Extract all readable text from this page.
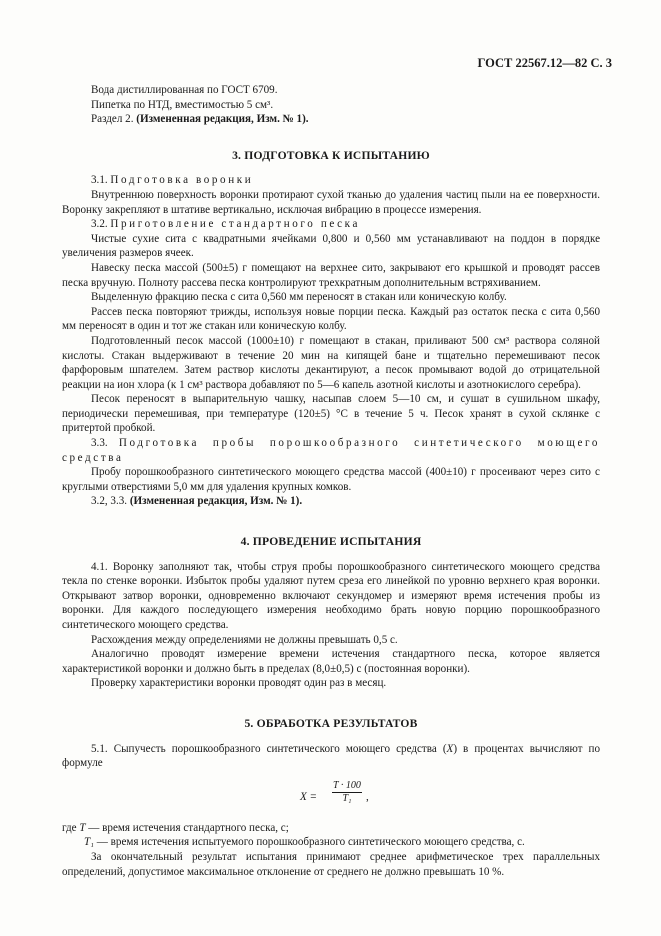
ГОСТ 22567.12—82 С. 3

Вода дистиллированная по ГОСТ 6709.

Пипетка по НТД, вместимостью 5 см³.

Раздел 2. (Измененная редакция, Изм. № 1).

3. ПОДГОТОВКА К ИСПЫТАНИЮ

3.1. Подготовка воронки

Внутреннюю поверхность воронки протирают сухой тканью до удаления частиц пыли на ее поверхности. Воронку закрепляют в штативе вертикально, исключая вибрацию в процессе измерения.

3.2. Приготовление стандартного песка

Чистые сухие сита с квадратными ячейками 0,800 и 0,560 мм устанавливают на поддон в порядке увеличения размеров ячеек.

Навеску песка массой (500±5) г помещают на верхнее сито, закрывают его крышкой и проводят рассев песка вручную. Полноту рассева песка контролируют трехкратным дополнительным встряхиванием.

Выделенную фракцию песка с сита 0,560 мм переносят в стакан или коническую колбу.

Рассев песка повторяют трижды, используя новые порции песка. Каждый раз остаток песка с сита 0,560 мм переносят в один и тот же стакан или коническую колбу.

Подготовленный песок массой (1000±10) г помещают в стакан, приливают 500 см³ раствора соляной кислоты. Стакан выдерживают в течение 20 мин на кипящей бане и тщательно перемешивают песок фарфоровым шпателем. Затем раствор кислоты декантируют, а песок промывают водой до отрицательной реакции на ион хлора (к 1 см³ раствора добавляют по 5—6 капель азотной кислоты и азотнокислого серебра).

Песок переносят в выпарительную чашку, насыпав слоем 5—10 см, и сушат в сушильном шкафу, периодически перемешивая, при температуре (120±5) °С в течение 5 ч. Песок хранят в сухой склянке с притертой пробкой.

3.3. Подготовка пробы порошкообразного синтетического моющего средства

Пробу порошкообразного синтетического моющего средства массой (400±10) г просеивают через сито с круглыми отверстиями 5,0 мм для удаления крупных комков.

3.2, 3.3. (Измененная редакция, Изм. № 1).

4. ПРОВЕДЕНИЕ ИСПЫТАНИЯ

4.1. Воронку заполняют так, чтобы струя пробы порошкообразного синтетического моющего средства текла по стенке воронки. Избыток пробы удаляют путем среза его линейкой по уровню верхнего края воронки. Открывают затвор воронки, одновременно включают секундомер и измеряют время истечения пробы из воронки. Для каждого последующего измерения необходимо брать новую порцию порошкообразного синтетического моющего средства.

Расхождения между определениями не должны превышать 0,5 с.

Аналогично проводят измерение времени истечения стандартного песка, которое является характеристикой воронки и должно быть в пределах (8,0±0,5) с (постоянная воронки).

Проверку характеристики воронки проводят один раз в месяц.

5. ОБРАБОТКА РЕЗУЛЬТАТОВ

5.1. Сыпучесть порошкообразного синтетического моющего средства (X) в процентах вычисляют по формуле

$X = \frac{T \cdot 100}{\text{T₁}}$ ,

где T — время истечения стандартного песка, с;

T₁ — время истечения испытуемого порошкообразного синтетического моющего средства, с.

За окончательный результат испытания принимают среднее арифметическое трех параллельных определений, допустимое максимальное отклонение от среднего не должно превышать 10 %.
